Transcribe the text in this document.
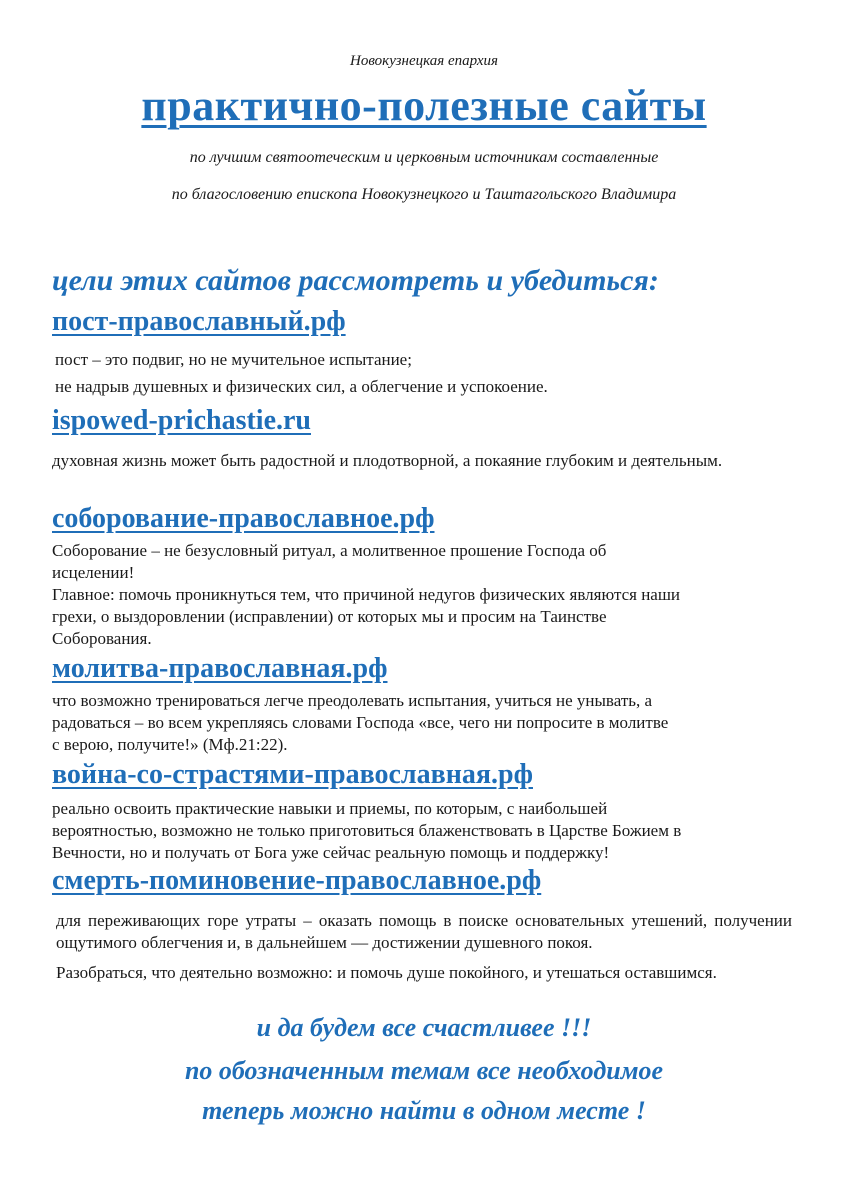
Новокузнецкая епархия
практично-полезные сайты
по лучшим святоотеческим и церковным источникам составленные
по благословению епископа Новокузнецкого и Таштагольского Владимира
цели этих сайтов рассмотреть и убедиться:
пост-православный.рф
пост – это подвиг, но не мучительное испытание;
не надрыв душевных и физических сил, а облегчение и успокоение.
ispowed-prichastie.ru
духовная жизнь может быть радостной и плодотворной, а покаяние глубоким и деятельным.
соборование-православное.рф
Соборование – не безусловный ритуал, а молитвенное прошение Господа об
исцелении!
Главное: помочь проникнуться тем, что причиной недугов физических являются наши
грехи, о выздоровлении (исправлении) от которых мы и просим на Таинстве
Соборования.
молитва-православная.рф
что возможно тренироваться легче преодолевать испытания, учиться не унывать, а
радоваться – во всем укрепляясь словами Господа «все, чего ни попросите в молитве
с верою, получите!» (Мф.21:22).
война-со-страстями-православная.рф
реально освоить практические навыки и приемы, по которым, с наибольшей
вероятностью, возможно не только приготовиться блаженствовать в Царстве Божием в
Вечности, но и получать от Бога уже сейчас реальную помощь и поддержку!
смерть-поминовение-православное.рф
для переживающих горе утраты – оказать помощь в поиске основательных утешений, получении ощутимого облегчения и, в дальнейшем — достижении душевного покоя.
Разобраться, что деятельно возможно: и помочь душе покойного, и утешаться оставшимся.
и да будем все счастливее !!!
по обозначенным темам все необходимое
теперь можно найти в одном месте !
